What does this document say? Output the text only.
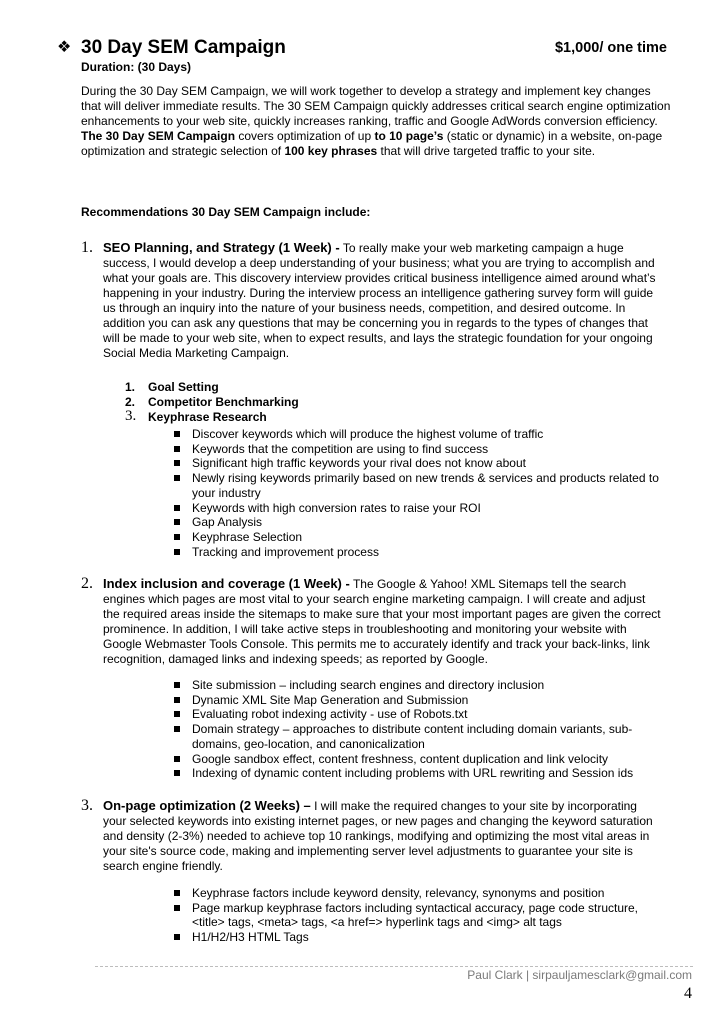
❖ 30 Day SEM Campaign	$1,000/ one time
Duration: (30 Days)

During the 30 Day SEM Campaign, we will work together to develop a strategy and implement key changes that will deliver immediate results. The 30 SEM Campaign quickly addresses critical search engine optimization enhancements to your web site, quickly increases ranking, traffic and Google AdWords conversion efficiency. The 30 Day SEM Campaign covers optimization of up to 10 page’s (static or dynamic) in a website, on-page optimization and strategic selection of 100 key phrases that will drive targeted traffic to your site.

Recommendations 30 Day SEM Campaign include:
1. SEO Planning, and Strategy (1 Week) - To really make your web marketing campaign a huge success, I would develop a deep understanding of your business; what you are trying to accomplish and what your goals are. This discovery interview provides critical business intelligence aimed around what’s happening in your industry. During the interview process an intelligence gathering survey form will guide us through an inquiry into the nature of your business needs, competition, and desired outcome. In addition you can ask any questions that may be concerning you in regards to the types of changes that will be made to your web site, when to expect results, and lays the strategic foundation for your ongoing Social Media Marketing Campaign.

1. Goal Setting
2. Competitor Benchmarking
3. Keyphrase Research
Discover keywords which will produce the highest volume of traffic
Keywords that the competition are using to find success
Significant high traffic keywords your rival does not know about
Newly rising keywords primarily based on new trends & services and products related to your industry
Keywords with high conversion rates to raise your ROI
Gap Analysis
Keyphrase Selection
Tracking and improvement process
2. Index inclusion and coverage (1 Week) - The Google & Yahoo! XML Sitemaps tell the search engines which pages are most vital to your search engine marketing campaign. I will create and adjust the required areas inside the sitemaps to make sure that your most important pages are given the correct prominence. In addition, I will take active steps in troubleshooting and monitoring your website with Google Webmaster Tools Console. This permits me to accurately identify and track your back-links, link recognition, damaged links and indexing speeds; as reported by Google.

Site submission – including search engines and directory inclusion
Dynamic XML Site Map Generation and Submission
Evaluating robot indexing activity - use of Robots.txt
Domain strategy – approaches to distribute content including domain variants, sub-domains, geo-location, and canonicalization
Google sandbox effect, content freshness, content duplication and link velocity
Indexing of dynamic content including problems with URL rewriting and Session ids
3. On-page optimization (2 Weeks) – I will make the required changes to your site by incorporating your selected keywords into existing internet pages, or new pages and changing the keyword saturation and density (2-3%) needed to achieve top 10 rankings, modifying and optimizing the most vital areas in your site's source code, making and implementing server level adjustments to guarantee your site is search engine friendly.

Keyphrase factors include keyword density, relevancy, synonyms and position
Page markup keyphrase factors including syntactical accuracy, page code structure, <title> tags, <meta> tags, <a href=> hyperlink tags and <img> alt tags
H1/H2/H3 HTML Tags
Paul Clark | sirpauljamesclark@gmail.com
4
